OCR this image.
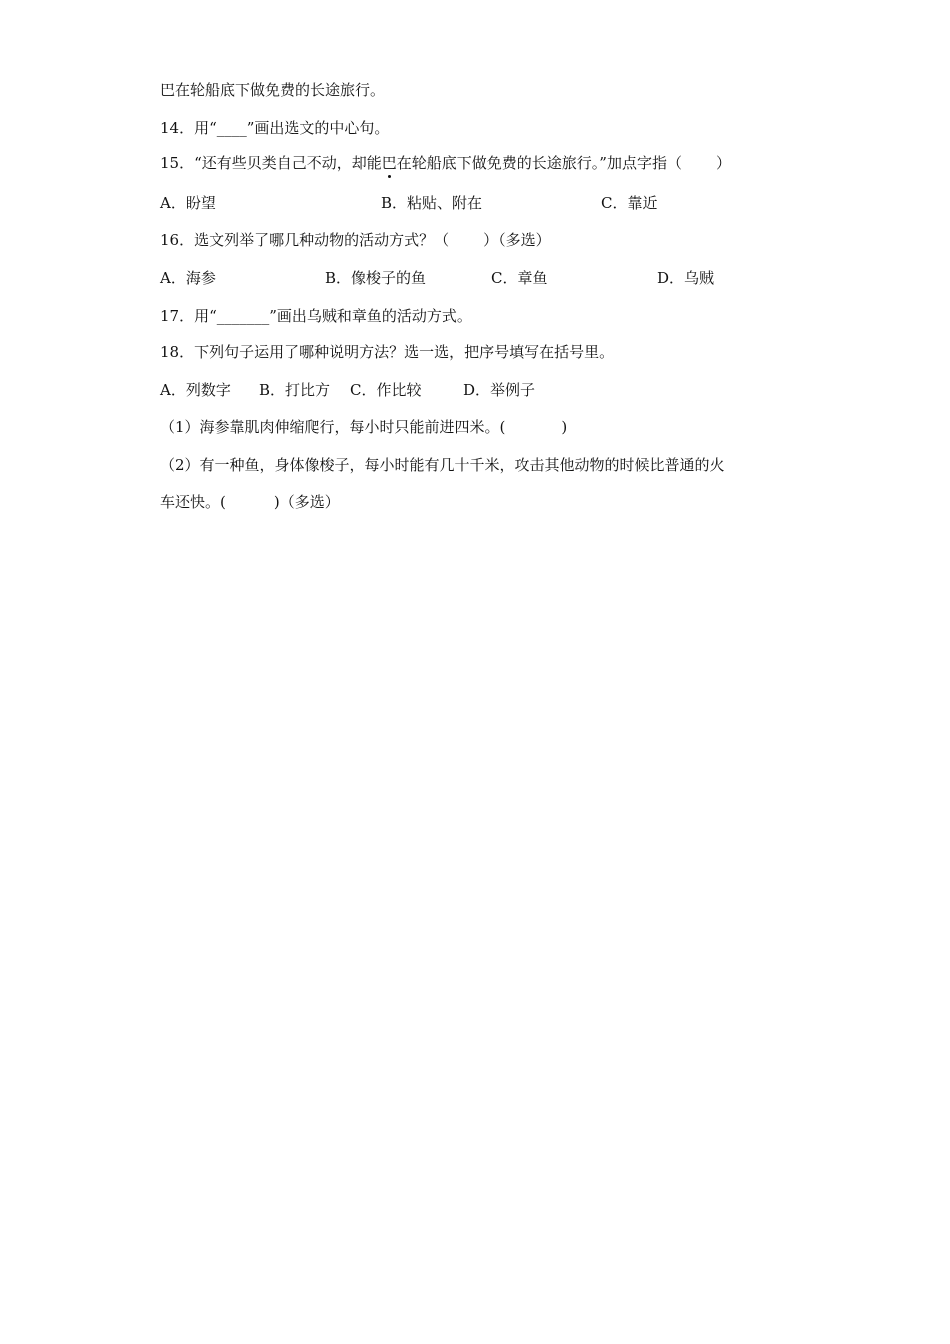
巴在轮船底下做免费的长途旅行。
14．用“____”画出选文的中心句。
15．“还有些贝类自己不动，却能巴在轮船底下做免费的长途旅行。”加点字指（ ）
A．盼望	B．粘贴、附在	C．靠近
16．选文列举了哪几种动物的活动方式？（ ）（多选）
A．海参	B．像梭子的鱼	C．章鱼	D．乌贼
17．用“_______”画出乌贼和章鱼的活动方式。
18．下列句子运用了哪种说明方法？选一选，把序号填写在括号里。
A．列数字 B．打比方 C．作比较	D．举例子
（1）海参靠肌肉伸缩爬行，每小时只能前进四米。(	)
（2）有一种鱼，身体像梭子，每小时能有几十千米，攻击其他动物的时候比普通的火
车还快。(	)（多选）
